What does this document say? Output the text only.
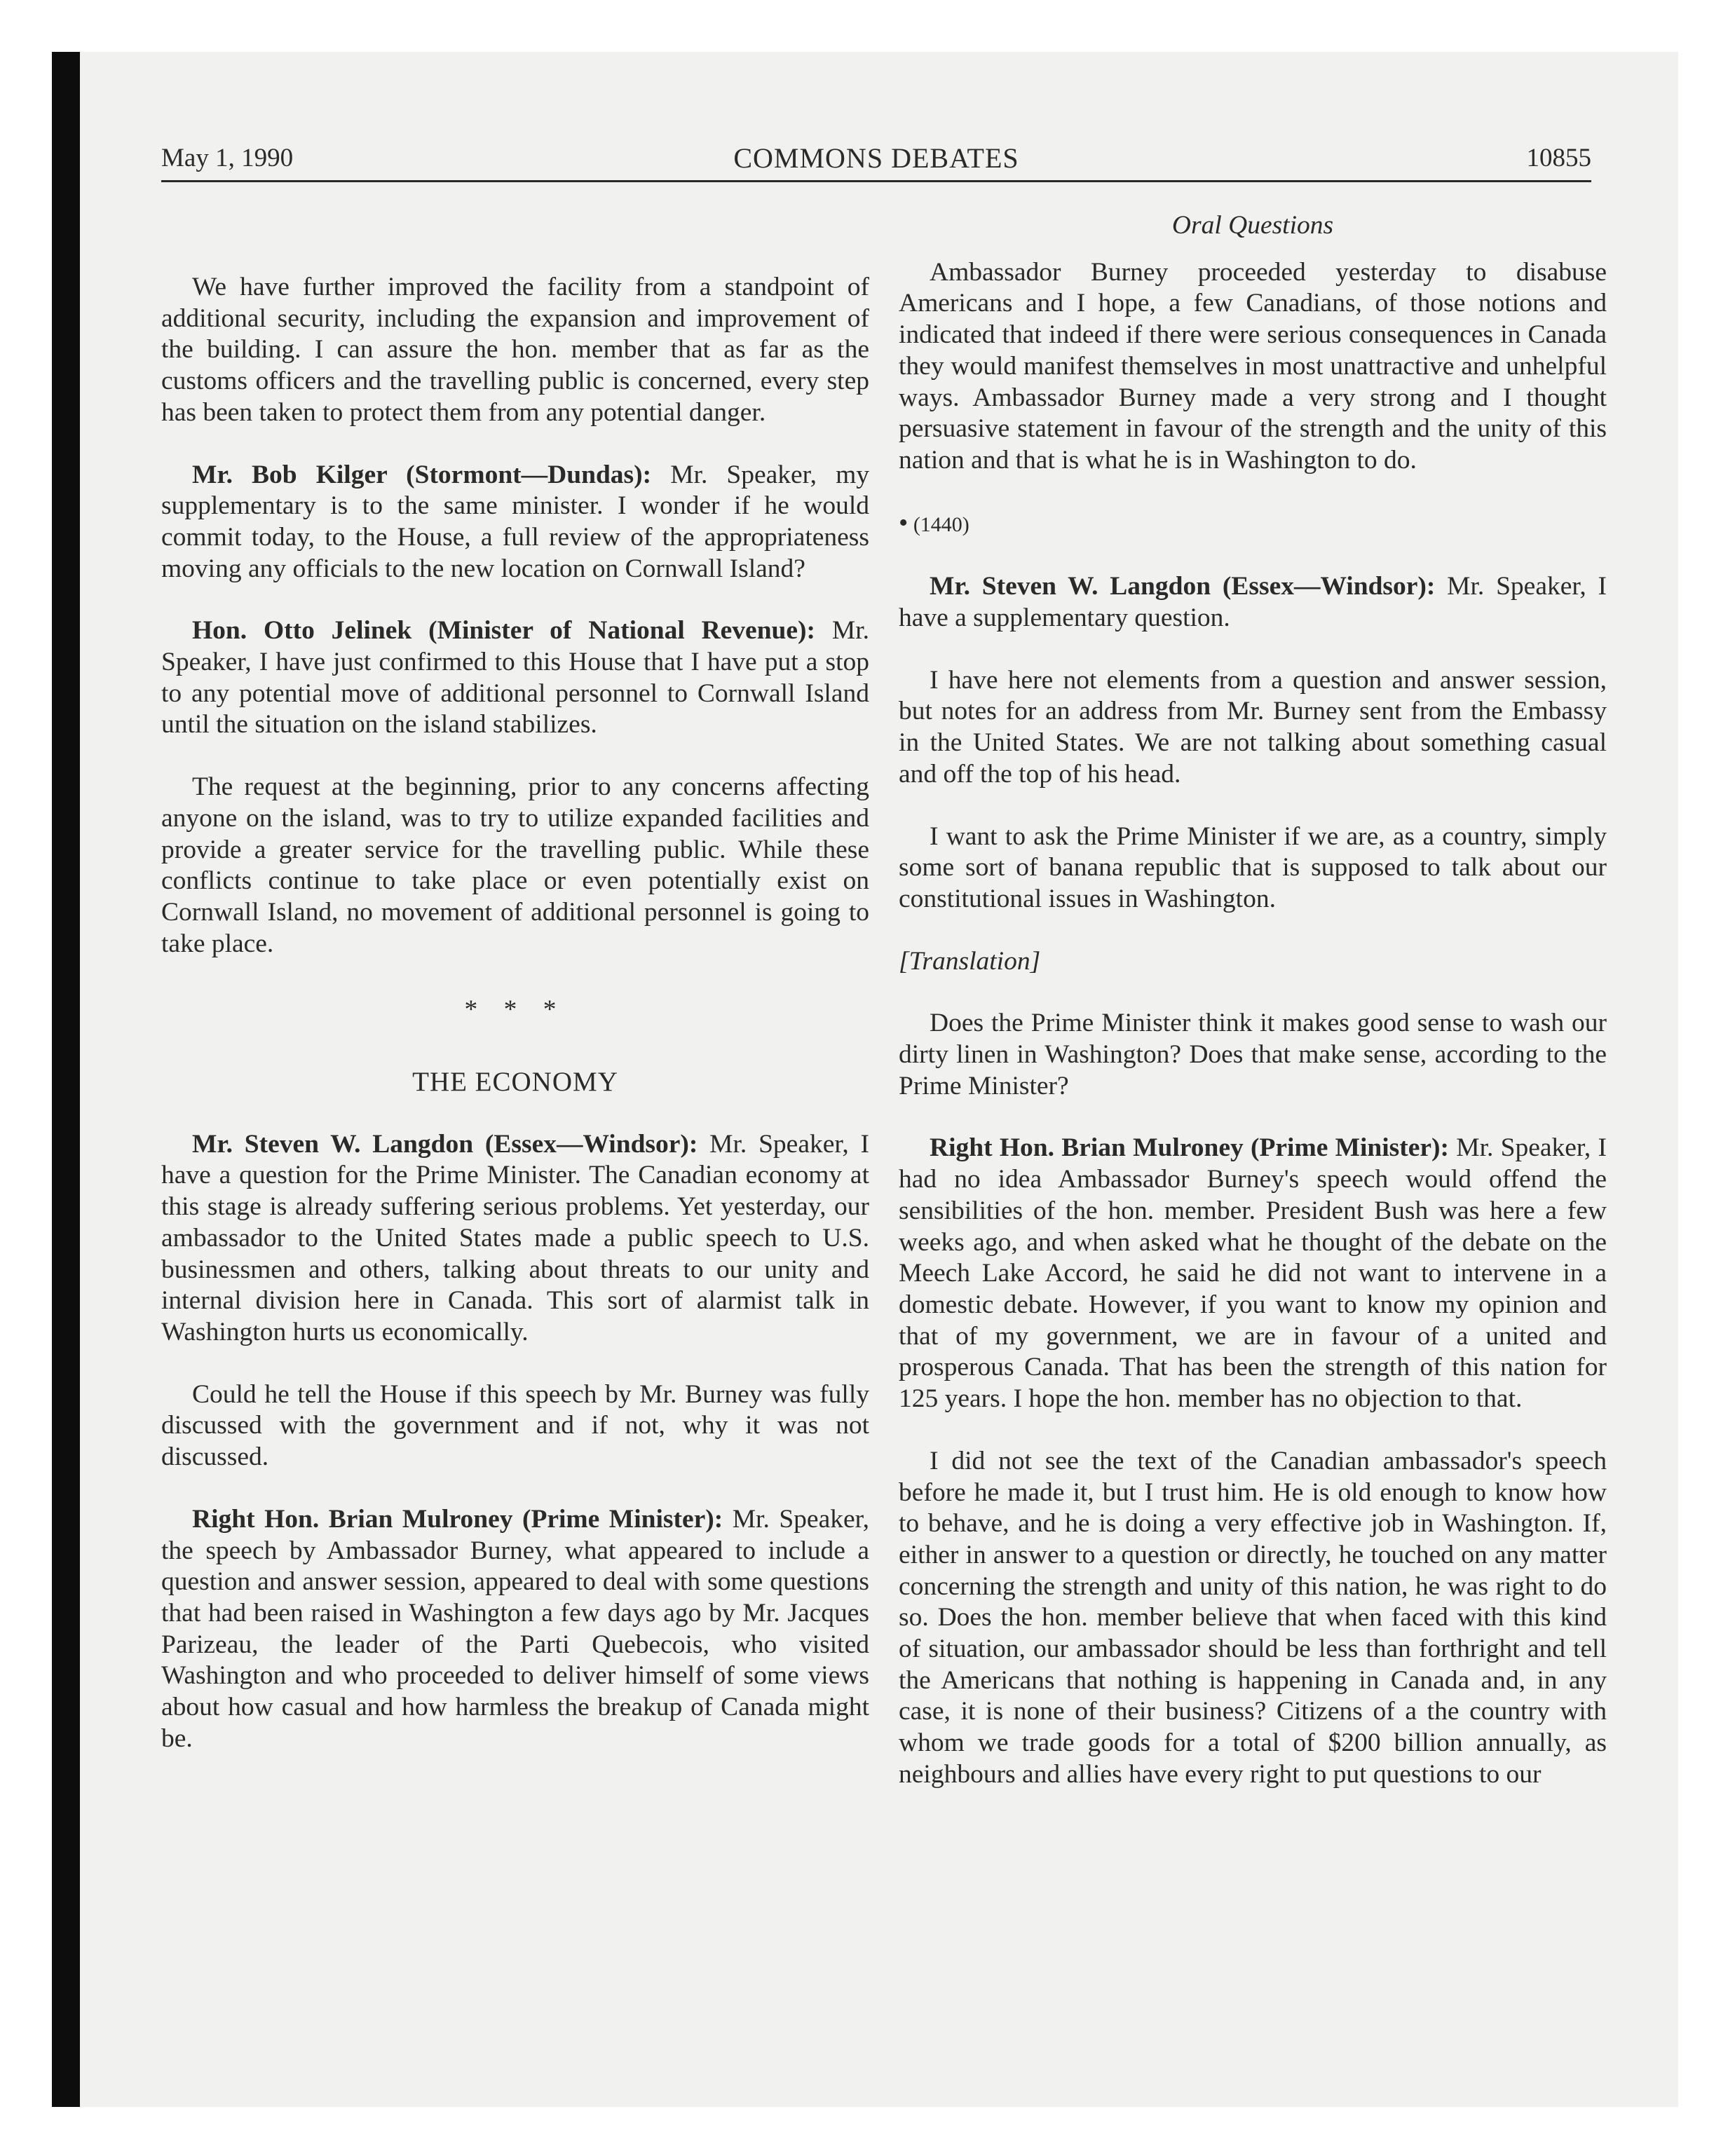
May 1, 1990	COMMONS DEBATES	10855

We have further improved the facility from a standpoint of additional security, including the expansion and improvement of the building. I can assure the hon. member that as far as the customs officers and the travelling public is concerned, every step has been taken to protect them from any potential danger.

Mr. Bob Kilger (Stormont—Dundas): Mr. Speaker, my supplementary is to the same minister. I wonder if he would commit today, to the House, a full review of the appropriateness moving any officials to the new location on Cornwall Island?

Hon. Otto Jelinek (Minister of National Revenue): Mr. Speaker, I have just confirmed to this House that I have put a stop to any potential move of additional personnel to Cornwall Island until the situation on the island stabilizes.

The request at the beginning, prior to any concerns affecting anyone on the island, was to try to utilize expanded facilities and provide a greater service for the travelling public. While these conflicts continue to take place or even potentially exist on Cornwall Island, no movement of additional personnel is going to take place.

* * *
THE ECONOMY

Mr. Steven W. Langdon (Essex—Windsor): Mr. Speaker, I have a question for the Prime Minister. The Canadian economy at this stage is already suffering serious problems. Yet yesterday, our ambassador to the United States made a public speech to U.S. businessmen and others, talking about threats to our unity and internal division here in Canada. This sort of alarmist talk in Washington hurts us economically.

Could he tell the House if this speech by Mr. Burney was fully discussed with the government and if not, why it was not discussed.

Right Hon. Brian Mulroney (Prime Minister): Mr. Speaker, the speech by Ambassador Burney, what appeared to include a question and answer session, appeared to deal with some questions that had been raised in Washington a few days ago by Mr. Jacques Parizeau, the leader of the Parti Quebecois, who visited Washington and who proceeded to deliver himself of some views about how casual and how harmless the breakup of Canada might be.

Oral Questions

Ambassador Burney proceeded yesterday to disabuse Americans and I hope, a few Canadians, of those notions and indicated that indeed if there were serious consequences in Canada they would manifest themselves in most unattractive and unhelpful ways. Ambassador Burney made a very strong and I thought persuasive statement in favour of the strength and the unity of this nation and that is what he is in Washington to do.

• (1440)

Mr. Steven W. Langdon (Essex—Windsor): Mr. Speaker, I have a supplementary question.

I have here not elements from a question and answer session, but notes for an address from Mr. Burney sent from the Embassy in the United States. We are not talking about something casual and off the top of his head.

I want to ask the Prime Minister if we are, as a country, simply some sort of banana republic that is supposed to talk about our constitutional issues in Washington.

[Translation]

Does the Prime Minister think it makes good sense to wash our dirty linen in Washington? Does that make sense, according to the Prime Minister?

Right Hon. Brian Mulroney (Prime Minister): Mr. Speaker, I had no idea Ambassador Burney's speech would offend the sensibilities of the hon. member. President Bush was here a few weeks ago, and when asked what he thought of the debate on the Meech Lake Accord, he said he did not want to intervene in a domestic debate. However, if you want to know my opinion and that of my government, we are in favour of a united and prosperous Canada. That has been the strength of this nation for 125 years. I hope the hon. member has no objection to that.

I did not see the text of the Canadian ambassador's speech before he made it, but I trust him. He is old enough to know how to behave, and he is doing a very effective job in Washington. If, either in answer to a question or directly, he touched on any matter concerning the strength and unity of this nation, he was right to do so. Does the hon. member believe that when faced with this kind of situation, our ambassador should be less than forthright and tell the Americans that nothing is happening in Canada and, in any case, it is none of their business? Citizens of a the country with whom we trade goods for a total of $200 billion annually, as neighbours and allies have every right to put questions to our
